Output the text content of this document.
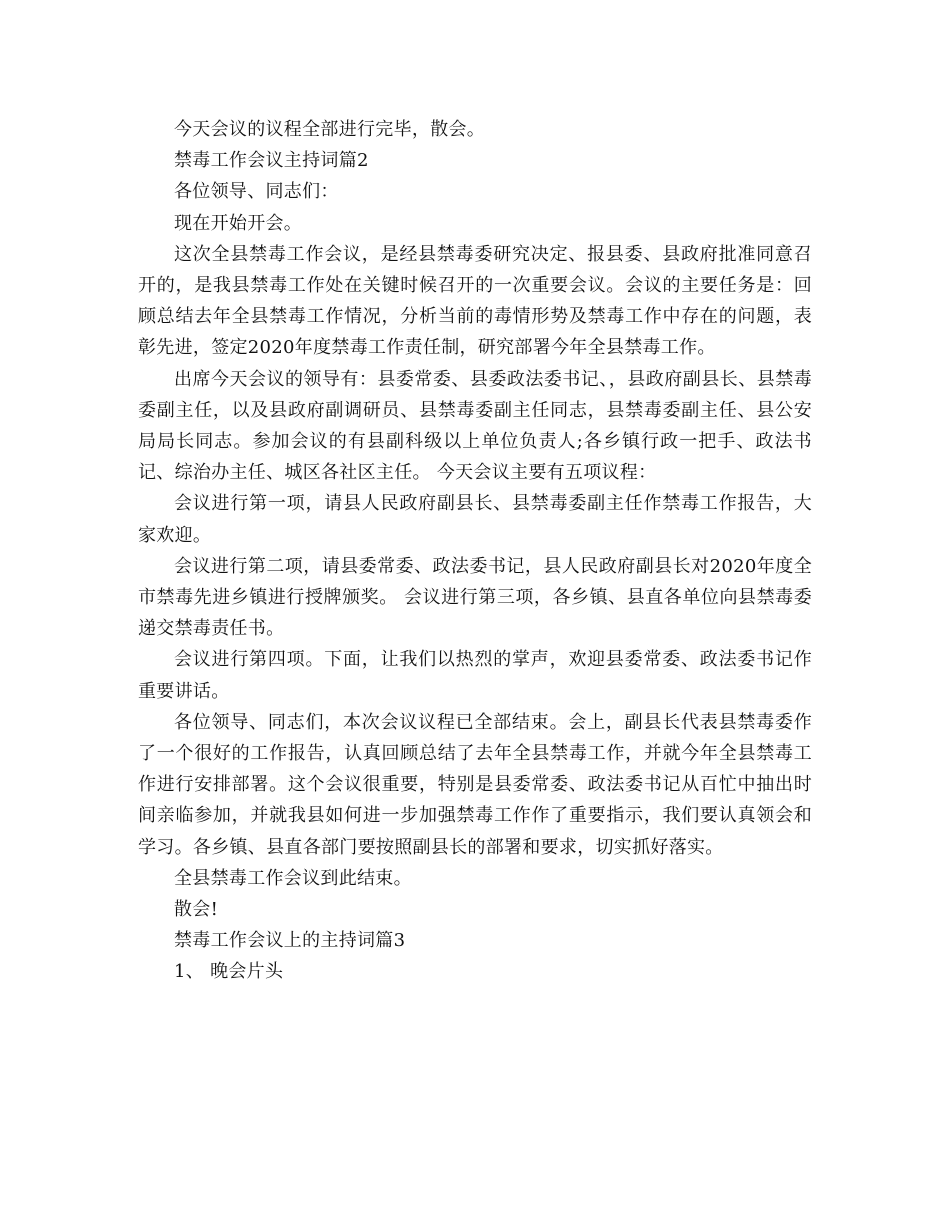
今天会议的议程全部进行完毕，散会。

禁毒工作会议主持词篇2

各位领导、同志们：

现在开始开会。

这次全县禁毒工作会议，是经县禁毒委研究决定、报县委、县政府批准同意召开的，是我县禁毒工作处在关键时候召开的一次重要会议。会议的主要任务是：回顾总结去年全县禁毒工作情况，分析当前的毒情形势及禁毒工作中存在的问题，表彰先进，签定2020年度禁毒工作责任制，研究部署今年全县禁毒工作。

出席今天会议的领导有：县委常委、县委政法委书记、，县政府副县长、县禁毒委副主任，以及县政府副调研员、县禁毒委副主任同志，县禁毒委副主任、县公安局局长同志。参加会议的有县副科级以上单位负责人;各乡镇行政一把手、政法书记、综治办主任、城区各社区主任。 今天会议主要有五项议程：

会议进行第一项，请县人民政府副县长、县禁毒委副主任作禁毒工作报告，大家欢迎。

会议进行第二项，请县委常委、政法委书记，县人民政府副县长对2020年度全市禁毒先进乡镇进行授牌颁奖。 会议进行第三项，各乡镇、县直各单位向县禁毒委递交禁毒责任书。

会议进行第四项。下面，让我们以热烈的掌声，欢迎县委常委、政法委书记作重要讲话。

各位领导、同志们，本次会议议程已全部结束。会上，副县长代表县禁毒委作了一个很好的工作报告，认真回顾总结了去年全县禁毒工作，并就今年全县禁毒工作进行安排部署。这个会议很重要，特别是县委常委、政法委书记从百忙中抽出时间亲临参加，并就我县如何进一步加强禁毒工作作了重要指示，我们要认真领会和学习。各乡镇、县直各部门要按照副县长的部署和要求，切实抓好落实。

全县禁毒工作会议到此结束。

散会!

禁毒工作会议上的主持词篇3

1、 晚会片头
